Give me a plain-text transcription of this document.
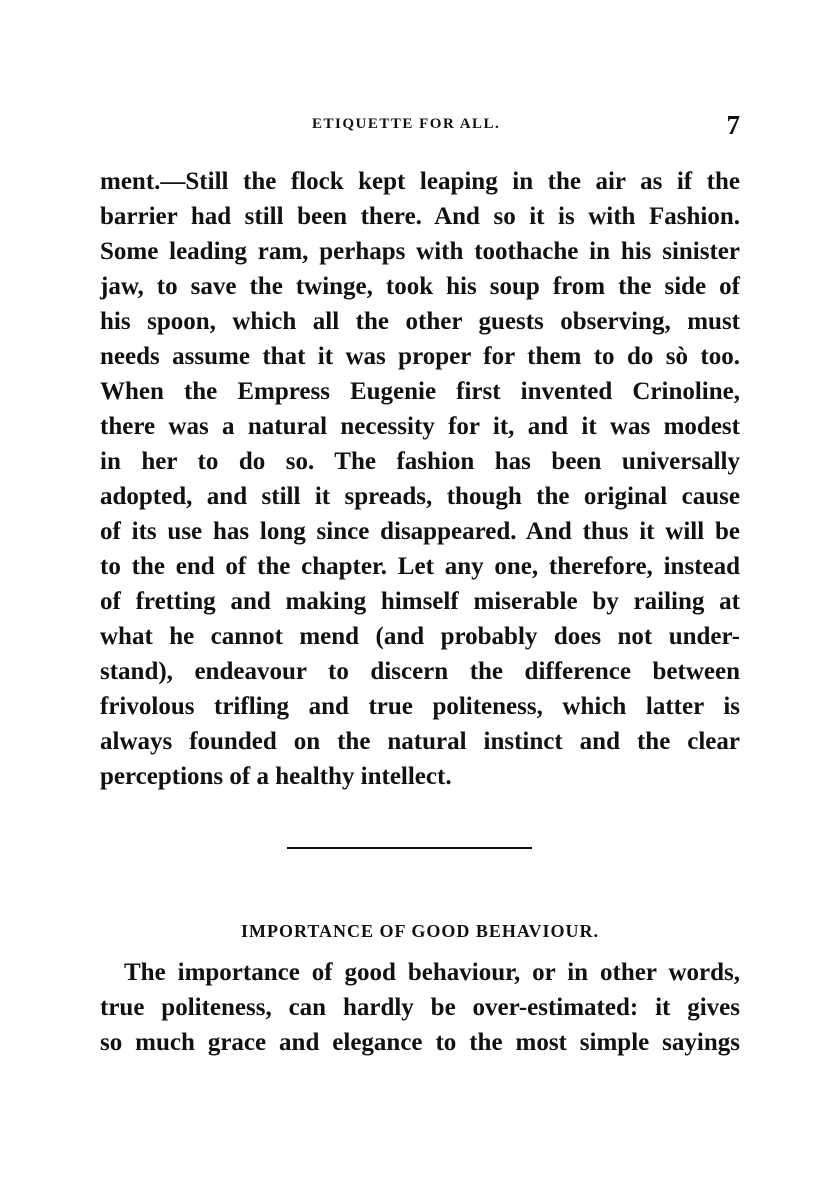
ETIQUETTE FOR ALL.	7
ment.—Still the flock kept leaping in the air as if the
barrier had still been there. And so it is with Fashion.
Some leading ram, perhaps with toothache in his sinister
jaw, to save the twinge, took his soup from the side of
his spoon, which all the other guests observing, must
needs assume that it was proper for them to do sò too.
When the Empress Eugenie first invented Crinoline,
there was a natural necessity for it, and it was modest
in her to do so. The fashion has been universally
adopted, and still it spreads, though the original cause
of its use has long since disappeared. And thus it will be
to the end of the chapter. Let any one, therefore, instead
of fretting and making himself miserable by railing at
what he cannot mend (and probably does not under-
stand), endeavour to discern the difference between
frivolous trifling and true politeness, which latter is
always founded on the natural instinct and the clear
perceptions of a healthy intellect.
IMPORTANCE OF GOOD BEHAVIOUR.
The importance of good behaviour, or in other words,
true politeness, can hardly be over-estimated: it gives
so much grace and elegance to the most simple sayings
